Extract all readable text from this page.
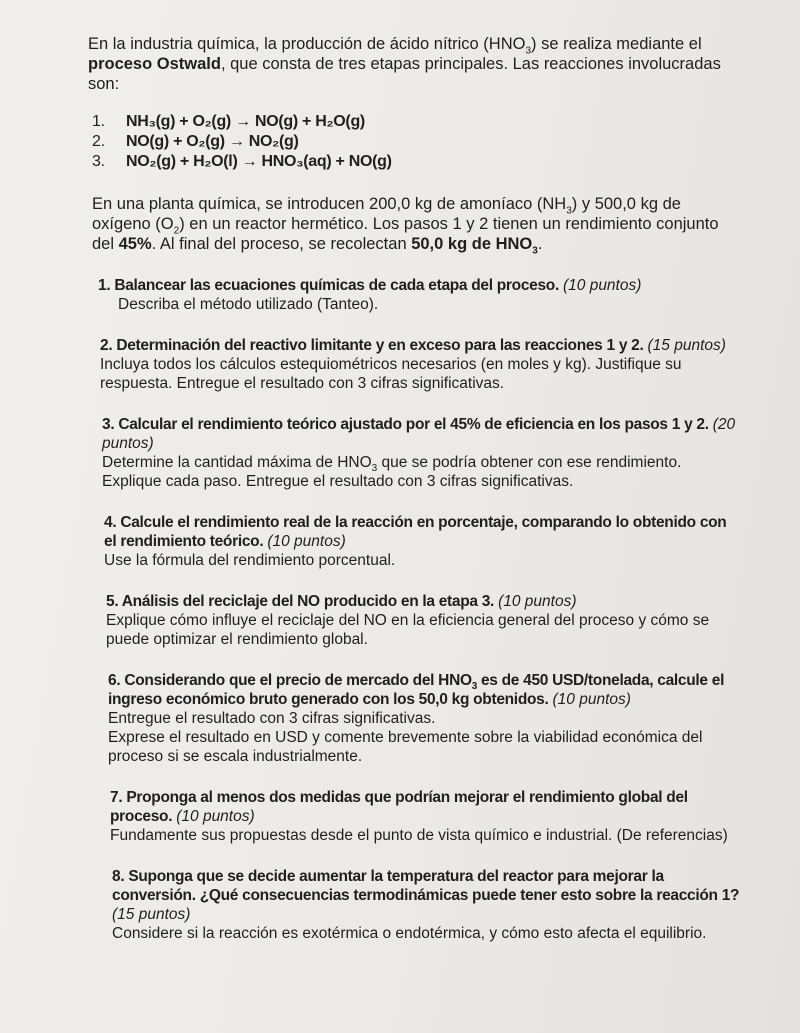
En la industria química, la producción de ácido nítrico $(HNO_3)$ se realiza mediante el proceso Ostwald, que consta de tres etapas principales. Las reacciones involucradas son:

1.	NH₃(g) + O₂(g) → NO(g) + H₂O(g)
2.	NO(g) + O₂(g) → NO₂(g)
3.	NO₂(g) + H₂O(l) → HNO₃(aq) + NO(g)

En una planta química, se introducen 200,0 kg de amoníaco $(NH_3)$ y 500,0 kg de oxígeno $(O_2)$ en un reactor hermético. Los pasos 1 y 2 tienen un rendimiento conjunto del 45%. Al final del proceso, se recolectan 50,0 kg de $HNO_3$.

1. Balancear las ecuaciones químicas de cada etapa del proceso. (10 puntos)
Describa el método utilizado (Tanteo).
2. Determinación del reactivo limitante y en exceso para las reacciones 1 y 2. (15 puntos)
Incluya todos los cálculos estequiométricos necesarios (en moles y kg). Justifique su respuesta. Entregue el resultado con 3 cifras significativas.
3. Calcular el rendimiento teórico ajustado por el 45% de eficiencia en los pasos 1 y 2. (20 puntos)
Determine la cantidad máxima de $HNO_3$ que se podría obtener con ese rendimiento. Explique cada paso. Entregue el resultado con 3 cifras significativas.
4. Calcule el rendimiento real de la reacción en porcentaje, comparando lo obtenido con el rendimiento teórico. (10 puntos)
Use la fórmula del rendimiento porcentual.
5. Análisis del reciclaje del NO producido en la etapa 3. (10 puntos)
Explique cómo influye el reciclaje del NO en la eficiencia general del proceso y cómo se puede optimizar el rendimiento global.
6. Considerando que el precio de mercado del $HNO_3$ es de 450 USD/tonelada, calcule el ingreso económico bruto generado con los 50,0 kg obtenidos. (10 puntos)
Entregue el resultado con 3 cifras significativas.
Exprese el resultado en USD y comente brevemente sobre la viabilidad económica del proceso si se escala industrialmente.
7. Proponga al menos dos medidas que podrían mejorar el rendimiento global del proceso. (10 puntos)
Fundamente sus propuestas desde el punto de vista químico e industrial. (De referencias)
8. Suponga que se decide aumentar la temperatura del reactor para mejorar la conversión. ¿Qué consecuencias termodinámicas puede tener esto sobre la reacción 1? (15 puntos)
Considere si la reacción es exotérmica o endotérmica, y cómo esto afecta el equilibrio.
